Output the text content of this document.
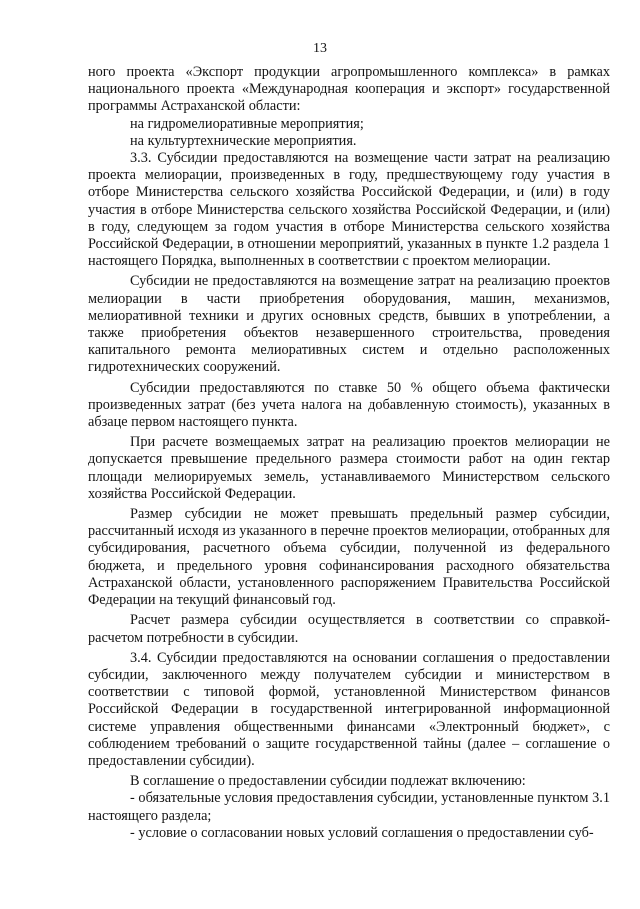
13

ного проекта «Экспорт продукции агропромышленного комплекса» в рамках национального проекта «Международная кооперация и экспорт» государственной программы Астраханской области:

на гидромелиоративные мероприятия;

на культуртехнические мероприятия.

3.3. Субсидии предоставляются на возмещение части затрат на реализацию проекта мелиорации, произведенных в году, предшествующему году участия в отборе Министерства сельского хозяйства Российской Федерации, и (или) в году участия в отборе Министерства сельского хозяйства Российской Федерации, и (или) в году, следующем за годом участия в отборе Министерства сельского хозяйства Российской Федерации, в отношении мероприятий, указанных в пункте 1.2 раздела 1 настоящего Порядка, выполненных в соответствии с проектом мелиорации.

Субсидии не предоставляются на возмещение затрат на реализацию проектов мелиорации в части приобретения оборудования, машин, механизмов, мелиоративной техники и других основных средств, бывших в употреблении, а также приобретения объектов незавершенного строительства, проведения капитального ремонта мелиоративных систем и отдельно расположенных гидротехнических сооружений.

Субсидии предоставляются по ставке 50 % общего объема фактически произведенных затрат (без учета налога на добавленную стоимость), указанных в абзаце первом настоящего пункта.

При расчете возмещаемых затрат на реализацию проектов мелиорации не допускается превышение предельного размера стоимости работ на один гектар площади мелиорируемых земель, устанавливаемого Министерством сельского хозяйства Российской Федерации.

Размер субсидии не может превышать предельный размер субсидии, рассчитанный исходя из указанного в перечне проектов мелиорации, отобранных для субсидирования, расчетного объема субсидии, полученной из федерального бюджета, и предельного уровня софинансирования расходного обязательства Астраханской области, установленного распоряжением Правительства Российской Федерации на текущий финансовый год.

Расчет размера субсидии осуществляется в соответствии со справкой-расчетом потребности в субсидии.

3.4. Субсидии предоставляются на основании соглашения о предоставлении субсидии, заключенного между получателем субсидии и министерством в соответствии с типовой формой, установленной Министерством финансов Российской Федерации в государственной интегрированной информационной системе управления общественными финансами «Электронный бюджет», с соблюдением требований о защите государственной тайны (далее – соглашение о предоставлении субсидии).

В соглашение о предоставлении субсидии подлежат включению:

- обязательные условия предоставления субсидии, установленные пунктом 3.1 настоящего раздела;

- условие о согласовании новых условий соглашения о предоставлении суб-
